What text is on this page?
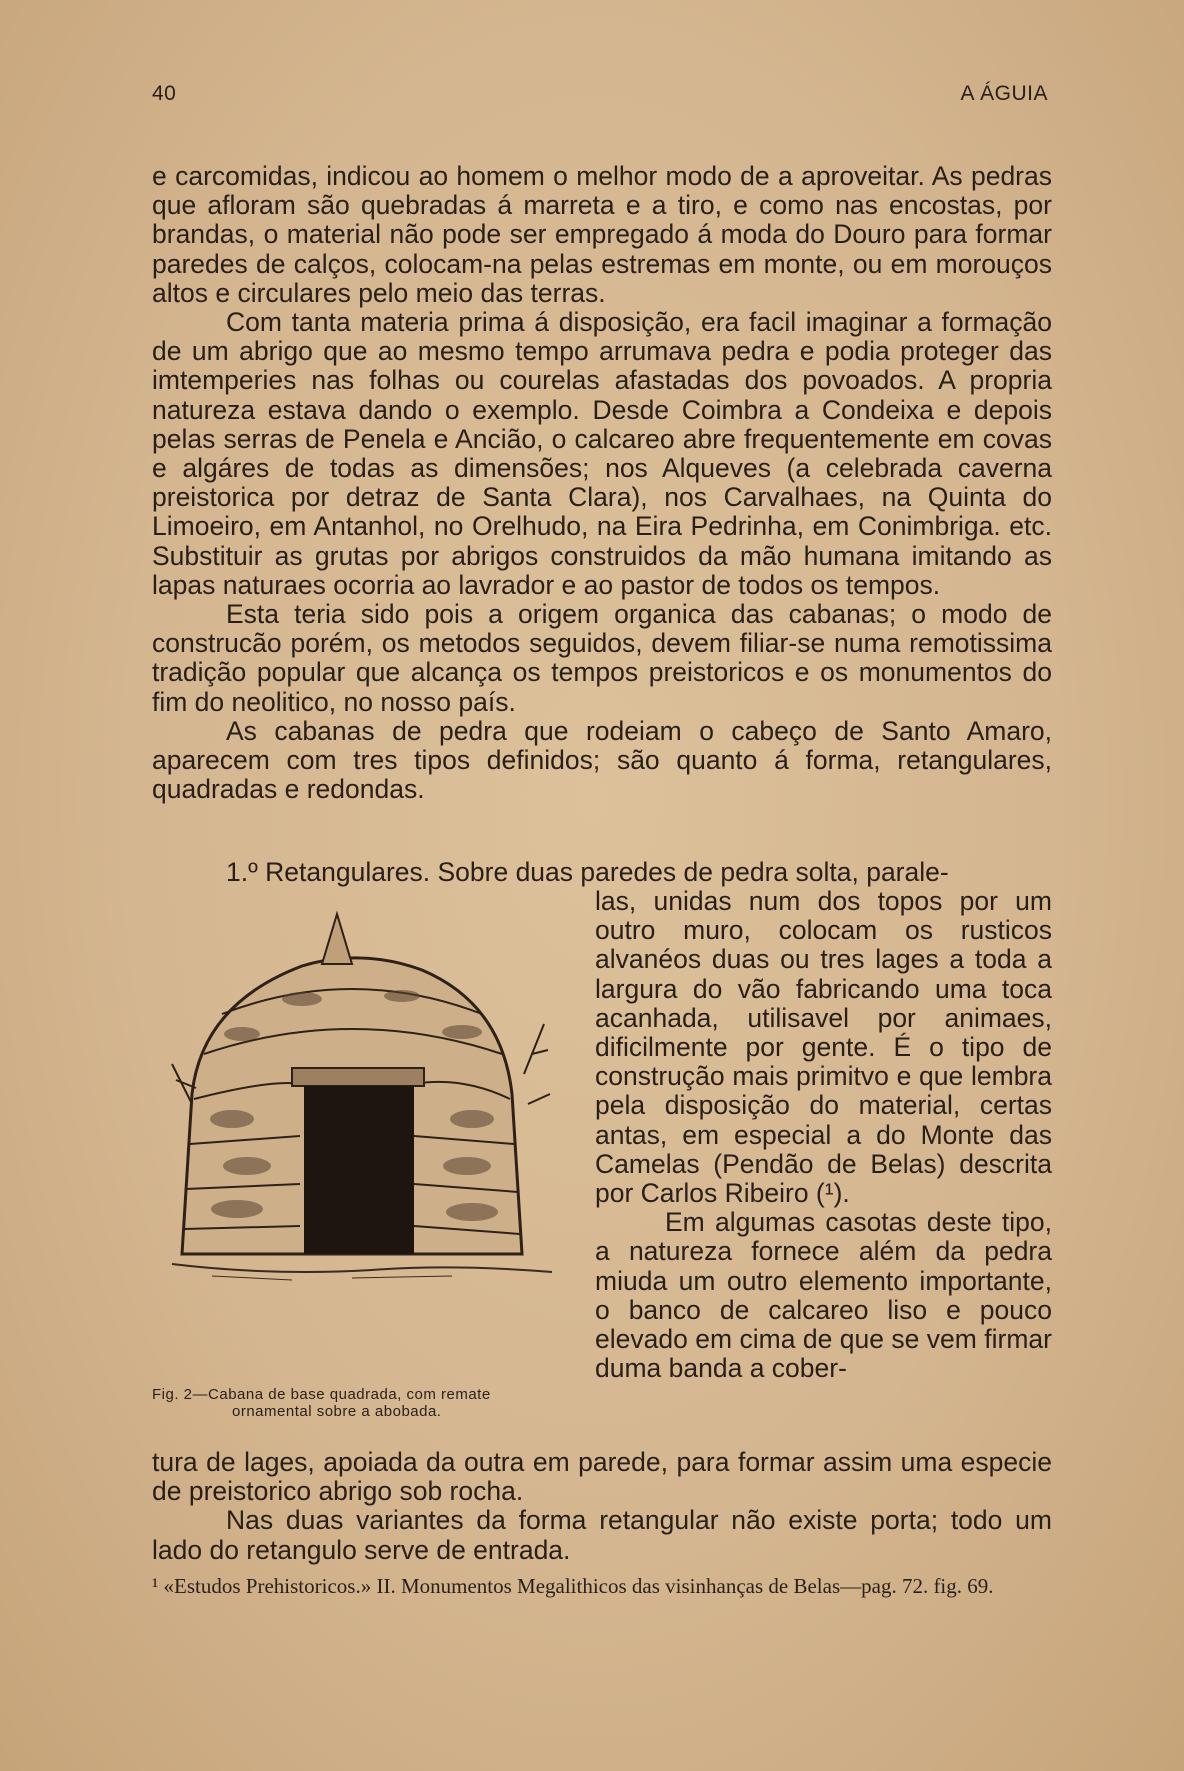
40	A ÁGUIA

e carcomidas, indicou ao homem o melhor modo de a aproveitar. As pedras que afloram são quebradas á marreta e a tiro, e como nas encostas, por brandas, o material não pode ser empregado á moda do Douro para formar paredes de calços, colocam-na pelas estremas em monte, ou em morouços altos e circulares pelo meio das terras.

Com tanta materia prima á disposição, era facil imaginar a formação de um abrigo que ao mesmo tempo arrumava pedra e podia proteger das imtemperies nas folhas ou courelas afastadas dos povoados. A propria natureza estava dando o exemplo. Desde Coimbra a Condeixa e depois pelas serras de Penela e Ancião, o calcareo abre frequentemente em covas e algáres de todas as dimensões; nos Alqueves (a celebrada caverna preistorica por detraz de Santa Clara), nos Carvalhaes, na Quinta do Limoeiro, em Antanhol, no Orelhudo, na Eira Pedrinha, em Conimbriga. etc. Substituir as grutas por abrigos construidos da mão humana imitando as lapas naturaes ocorria ao lavrador e ao pastor de todos os tempos.

Esta teria sido pois a origem organica das cabanas; o modo de construcão porém, os metodos seguidos, devem filiar-se numa remotissima tradição popular que alcança os tempos preistoricos e os monumentos do fim do neolitico, no nosso país.

As cabanas de pedra que rodeiam o cabeço de Santo Amaro, aparecem com tres tipos definidos; são quanto á forma, retangulares, quadradas e redondas.

1.º Retangulares. Sobre duas paredes de pedra solta, parale-

las, unidas num dos topos por um outro muro, colocam os rusticos alvanéos duas ou tres lages a toda a largura do vão fabricando uma toca acanhada, utilisavel por animaes, dificilmente por gente. É o tipo de construção mais primitvo e que lembra pela disposição do material, certas antas, em especial a do Monte das Camelas (Pendão de Belas) descrita por Carlos Ribeiro (¹).

Em algumas casotas deste tipo, a natureza fornece além da pedra miuda um outro elemento importante, o banco de calcareo liso e pouco elevado em cima de que se vem firmar duma banda a cober-

Fig. 2—Cabana de base quadrada, com remate
ornamental sobre a abobada.

tura de lages, apoiada da outra em parede, para formar assim uma especie de preistorico abrigo sob rocha.

Nas duas variantes da forma retangular não existe porta; todo um lado do retangulo serve de entrada.

¹ «Estudos Prehistoricos.» II. Monumentos Megalithicos das visinhanças de Belas—pag. 72. fig. 69.
